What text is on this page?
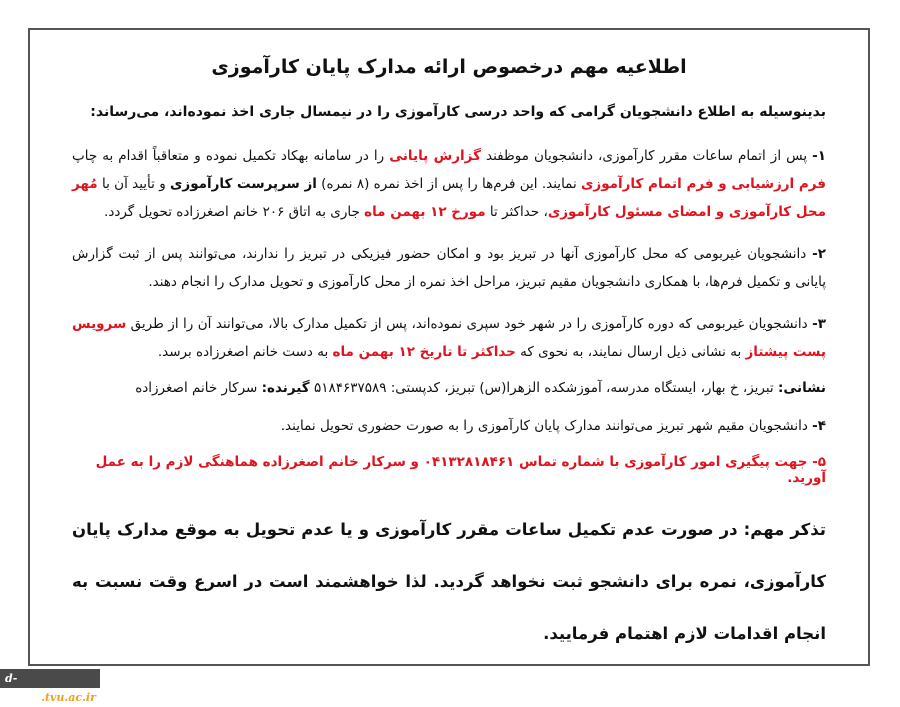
اطلاعیه مهم درخصوص ارائه مدارک پایان کارآموزی
بدینوسیله به اطلاع دانشجویان گرامی که واحد درسی کارآموزی را در نیمسال جاری اخذ نموده‌اند، می‌رساند:

۱- پس از اتمام ساعات مقرر کارآموزی، دانشجویان موظفند گزارش پایانی را در سامانه بهکاد تکمیل نموده و متعاقباً اقدام به چاپ فرم ارزشیابی و فرم اتمام کارآموزی نمایند. این فرم‌ها را پس از اخذ نمره (۸ نمره) از سرپرست کارآموزی و تأیید آن با مُهر محل کارآموزی و امضای مسئول کارآموزی، حداکثر تا مورخ ۱۲ بهمن ماه جاری به اتاق ۲۰۶ خانم اصغرزاده تحویل گردد.

۲- دانشجویان غیربومی که محل کارآموزی آنها در تبریز بود و امکان حضور فیزیکی در تبریز را ندارند، می‌توانند پس از ثبت گزارش پایانی و تکمیل فرم‌ها، با همکاری دانشجویان مقیم تبریز، مراحل اخذ نمره از محل کارآموزی و تحویل مدارک را انجام دهند.

۳- دانشجویان غیربومی که دوره کارآموزی را در شهر خود سپری نموده‌اند، پس از تکمیل مدارک بالا، می‌توانند آن را از طریق سرویس پست پیشتاز به نشانی ذیل ارسال نمایند، به نحوی که حداکثر تا تاریخ ۱۲ بهمن ماه به دست خانم اصغرزاده برسد.

نشانی: تبریز، خ بهار، ایستگاه مدرسه، آموزشکده الزهرا(س) تبریز، کدپستی: ۵۱۸۴۶۳۷۵۸۹ گیرنده: سرکار خانم اصغرزاده

۴- دانشجویان مقیم شهر تبریز می‌توانند مدارک پایان کارآموزی را به صورت حضوری تحویل نمایند.

۵- جهت پیگیری امور کارآموزی با شماره تماس ۰۴۱۳۲۸۱۸۴۶۱ و سرکار خانم اصغرزاده هماهنگی لازم را به عمل آورید.

تذکر مهم: در صورت عدم تکمیل ساعات مقرر کارآموزی و یا عدم تحویل به موقع مدارک پایان کارآموزی، نمره برای دانشجو ثبت نخواهد گردید. لذا خواهشمند است در اسرع وقت نسبت به انجام اقدامات لازم اهتمام فرمایید.

d-tabriz.tvu.ac.ir
